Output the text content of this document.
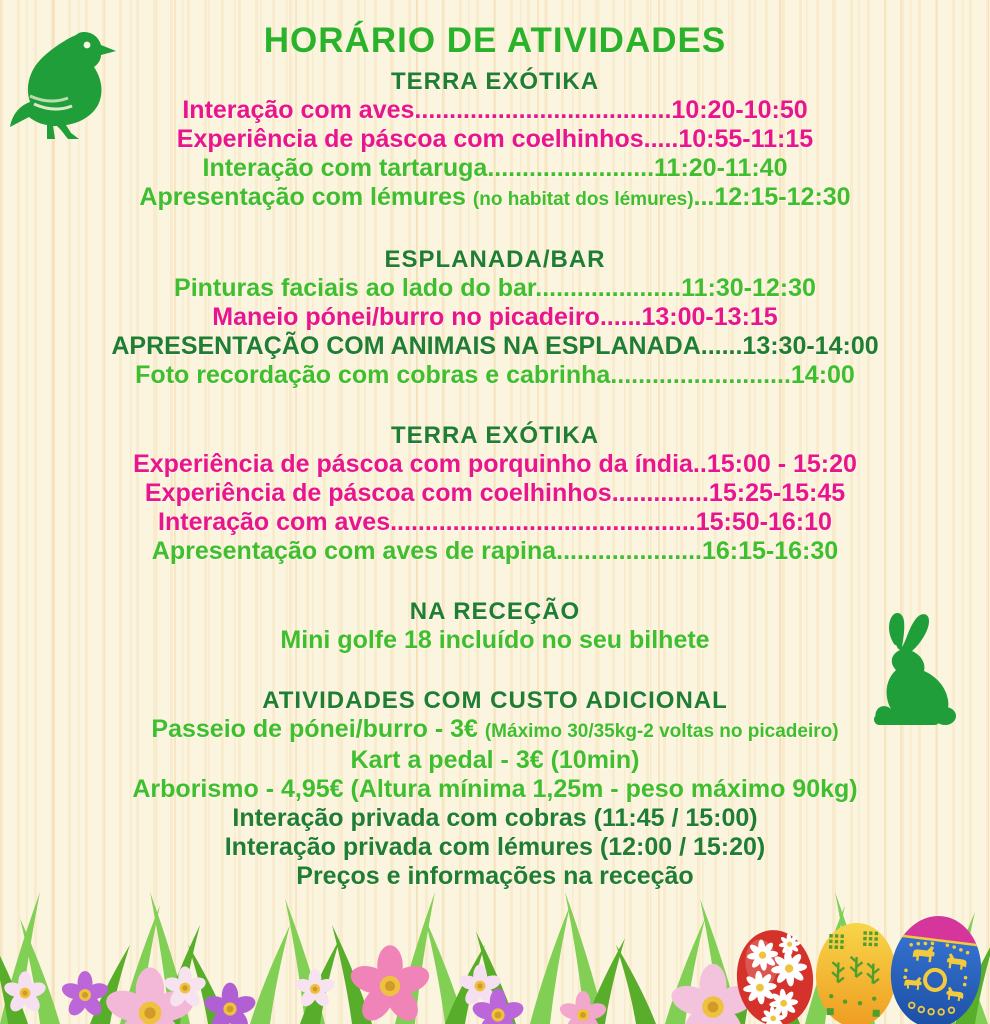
HORÁRIO DE ATIVIDADES
TERRA EXÓTIKA

Interação com aves.....................................10:20-10:50

Experiência de páscoa com coelhinhos.....10:55-11:15

Interação com tartaruga........................11:20-11:40

Apresentação com lémures (no habitat dos lémures)...12:15-12:30

ESPLANADA/BAR

Pinturas faciais ao lado do bar.....................11:30-12:30

Maneio pónei/burro no picadeiro......13:00-13:15

APRESENTAÇÃO COM ANIMAIS NA ESPLANADA......13:30-14:00

Foto recordação com cobras e cabrinha..........................14:00

TERRA EXÓTIKA

Experiência de páscoa com porquinho da índia..15:00 - 15:20

Experiência de páscoa com coelhinhos..............15:25-15:45

Interação com aves............................................15:50-16:10

Apresentação com aves de rapina.....................16:15-16:30

NA RECEÇÃO

Mini golfe 18 incluído no seu bilhete

ATIVIDADES COM CUSTO ADICIONAL

Passeio de pónei/burro - 3€ (Máximo 30/35kg-2 voltas no picadeiro)

Kart a pedal - 3€ (10min)

Arborismo - 4,95€ (Altura mínima 1,25m - peso máximo 90kg)

Interação privada com cobras (11:45 / 15:00)

Interação privada com lémures (12:00 / 15:20)

Preços e informações na receção
